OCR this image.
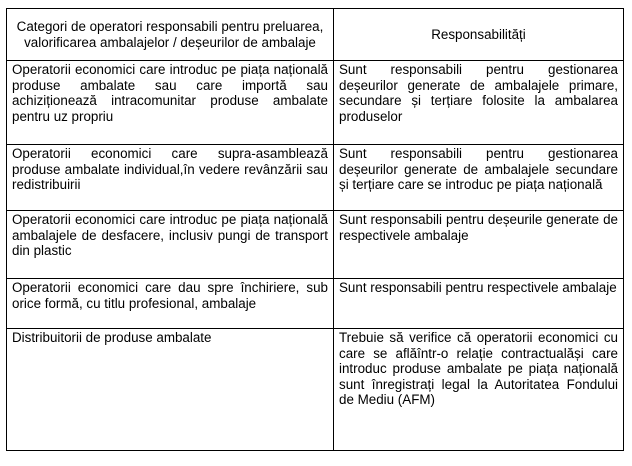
Categori de operatori responsabili pentru preluarea, valorificarea ambalajelor / deșeurilor de ambalaje	Responsabilități
Operatorii economici care introduc pe piața națională produse ambalate sau care importă sau achiziționează intracomunitar produse ambalate pentru uz propriu	Sunt responsabili pentru gestionarea deșeurilor generate de ambalajele primare, secundare și terțiare folosite la ambalarea produselor
Operatorii economici care supra-asamblează produse ambalate individual,în vedere revânzării sau redistribuirii	Sunt responsabili pentru gestionarea deșeurilor generate de ambalajele secundare și terțiare care se introduc pe piața națională
Operatorii economici care introduc pe piața națională ambalajele de desfacere, inclusiv pungi de transport din plastic	Sunt responsabili pentru deșeurile generate de respectivele ambalaje
Operatorii economici care dau spre închiriere, sub orice formă, cu titlu profesional, ambalaje	Sunt responsabili pentru respectivele ambalaje
Distribuitorii de produse ambalate	Trebuie să verifice că operatorii economici cu care se aflăîntr-o relație contractualăși care introduc produse ambalate pe piața națională sunt înregistrați legal la Autoritatea Fondului de Mediu (AFM)
